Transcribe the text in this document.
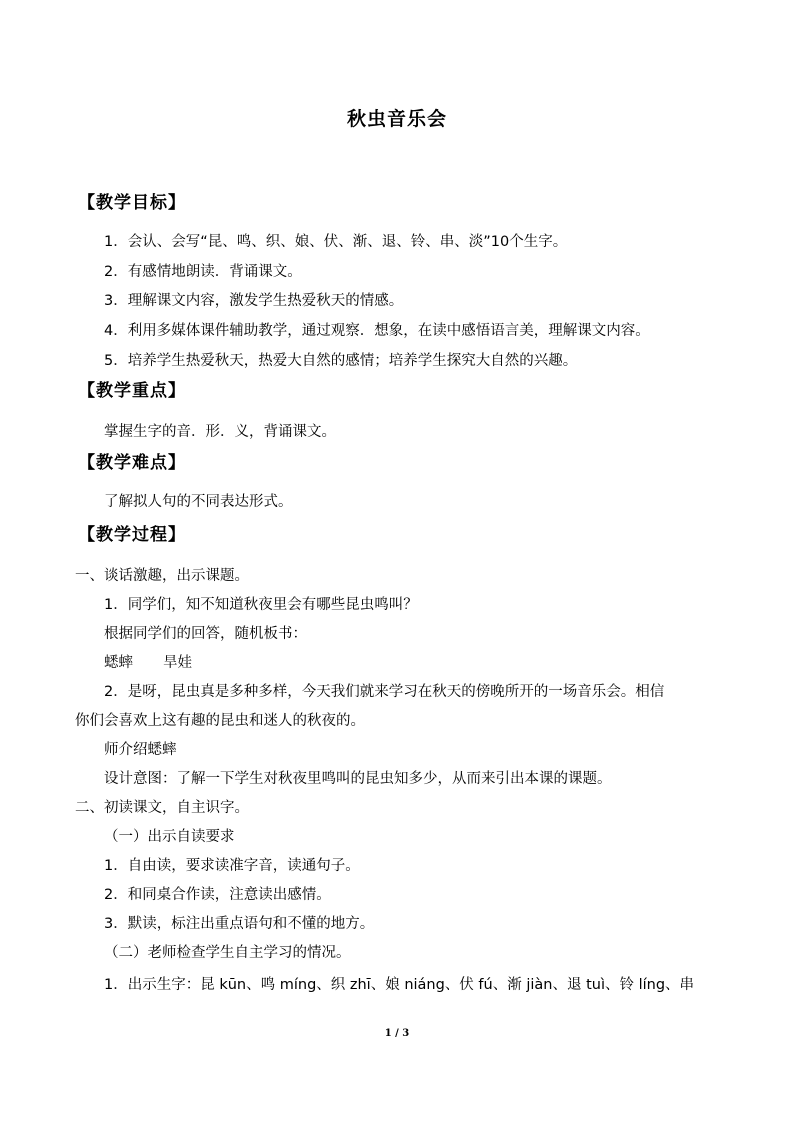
秋虫音乐会
【教学目标】
1．会认、会写“昆、鸣、织、娘、伏、渐、退、铃、串、淡”10个生字。
2．有感情地朗读．背诵课文。
3．理解课文内容，激发学生热爱秋天的情感。
4．利用多媒体课件辅助教学，通过观察．想象，在读中感悟语言美，理解课文内容。
5．培养学生热爱秋天，热爱大自然的感情；培养学生探究大自然的兴趣。
【教学重点】
掌握生字的音．形．义，背诵课文。
【教学难点】
了解拟人句的不同表达形式。
【教学过程】
一、谈话激趣，出示课题。
1．同学们，知不知道秋夜里会有哪些昆虫鸣叫？
根据同学们的回答，随机板书：
蟋蟀 旱娃
2．是呀，昆虫真是多种多样，今天我们就来学习在秋天的傍晚所开的一场音乐会。相信
你们会喜欢上这有趣的昆虫和迷人的秋夜的。
师介绍蟋蟀
设计意图：了解一下学生对秋夜里鸣叫的昆虫知多少，从而来引出本课的课题。
二、初读课文，自主识字。
（一）出示自读要求
1．自由读，要求读准字音，读通句子。
2．和同桌合作读，注意读出感情。
3．默读，标注出重点语句和不懂的地方。
（二）老师检查学生自主学习的情况。
1．出示生字：昆 kūn、鸣 míng、织 zhī、娘 niáng、伏 fú、渐 jiàn、退 tuì、铃 líng、串
1 / 3
